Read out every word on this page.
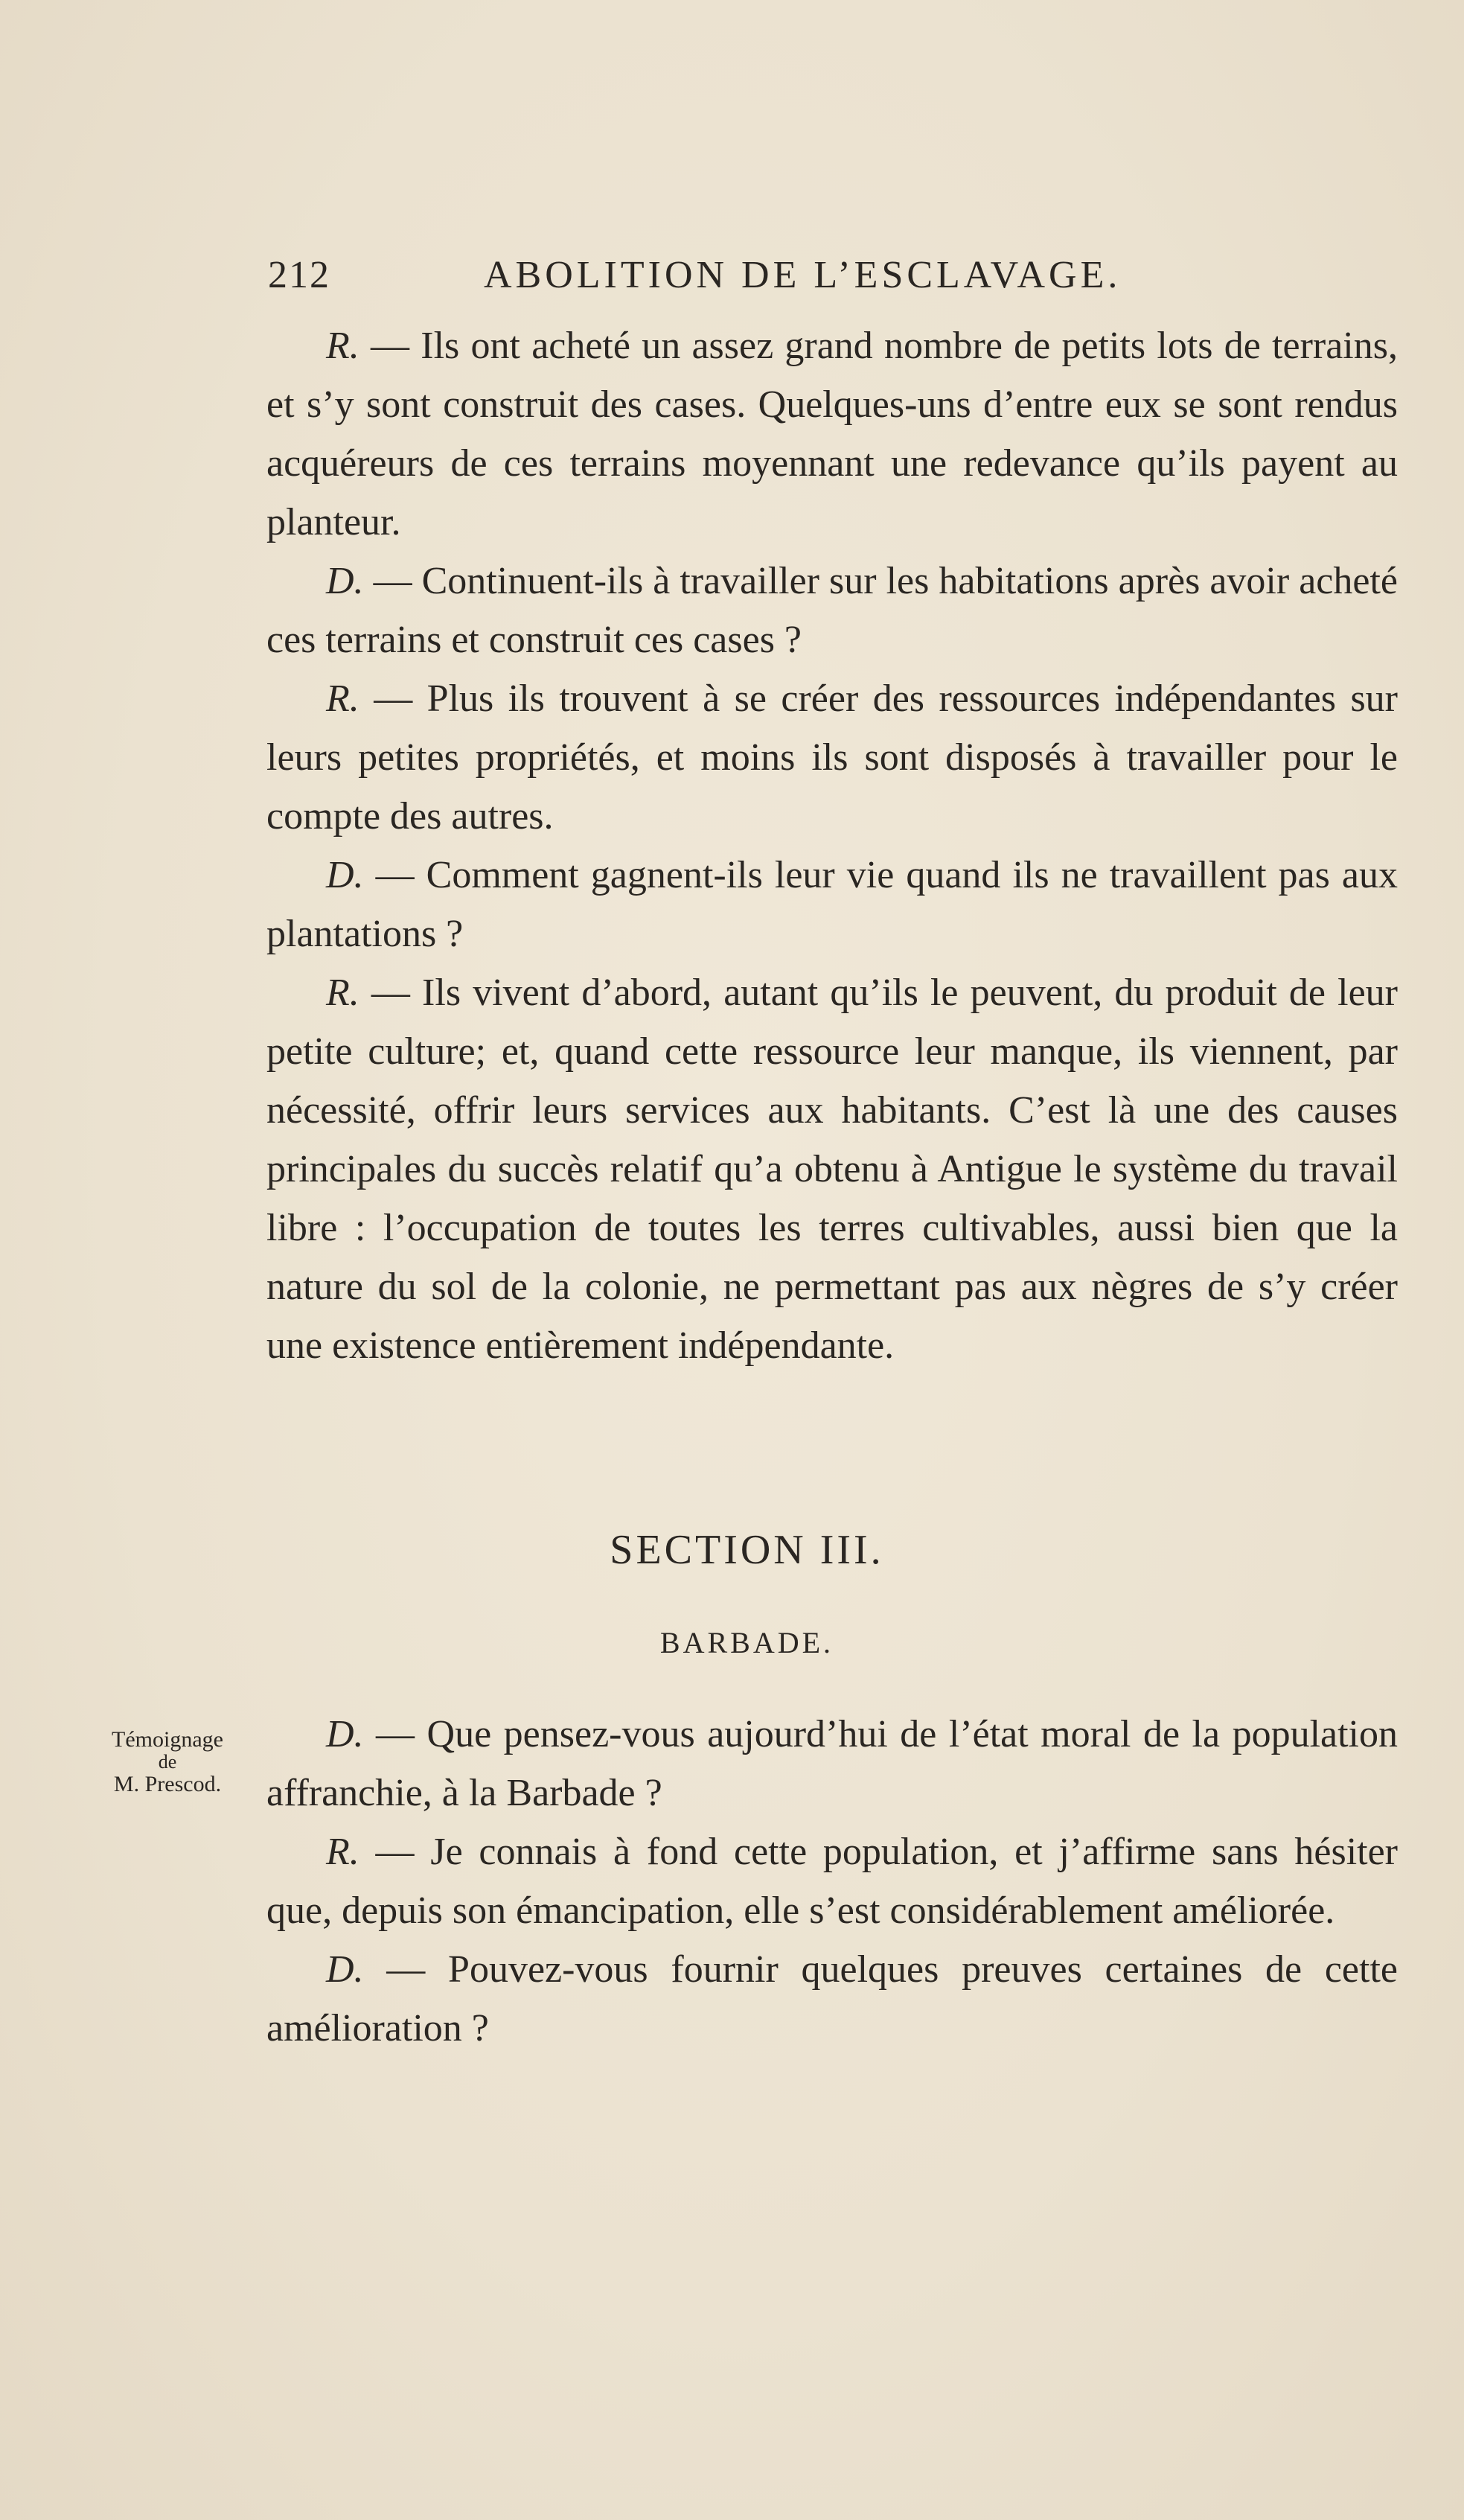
212	ABOLITION DE L’ESCLAVAGE.

R. — Ils ont acheté un assez grand nombre de petits lots de terrains, et s’y sont construit des cases. Quelques-uns d’entre eux se sont rendus acquéreurs de ces terrains moyennant une redevance qu’ils payent au planteur.

D. — Continuent-ils à travailler sur les habitations après avoir acheté ces terrains et construit ces cases ?

R. — Plus ils trouvent à se créer des ressources indépendantes sur leurs petites propriétés, et moins ils sont disposés à travailler pour le compte des autres.

D. — Comment gagnent-ils leur vie quand ils ne travaillent pas aux plantations ?

R. — Ils vivent d’abord, autant qu’ils le peuvent, du produit de leur petite culture; et, quand cette ressource leur manque, ils viennent, par nécessité, offrir leurs services aux habitants. C’est là une des causes principales du succès relatif qu’a obtenu à Antigue le système du travail libre : l’occupation de toutes les terres cultivables, aussi bien que la nature du sol de la colonie, ne permettant pas aux nègres de s’y créer une existence entièrement indépendante.

SECTION III.
BARBADE.
Témoignage
de
M. Prescod.

D. — Que pensez-vous aujourd’hui de l’état moral de la population affranchie, à la Barbade ?

R. — Je connais à fond cette population, et j’affirme sans hésiter que, depuis son émancipation, elle s’est considérablement améliorée.

D. — Pouvez-vous fournir quelques preuves certaines de cette amélioration ?
